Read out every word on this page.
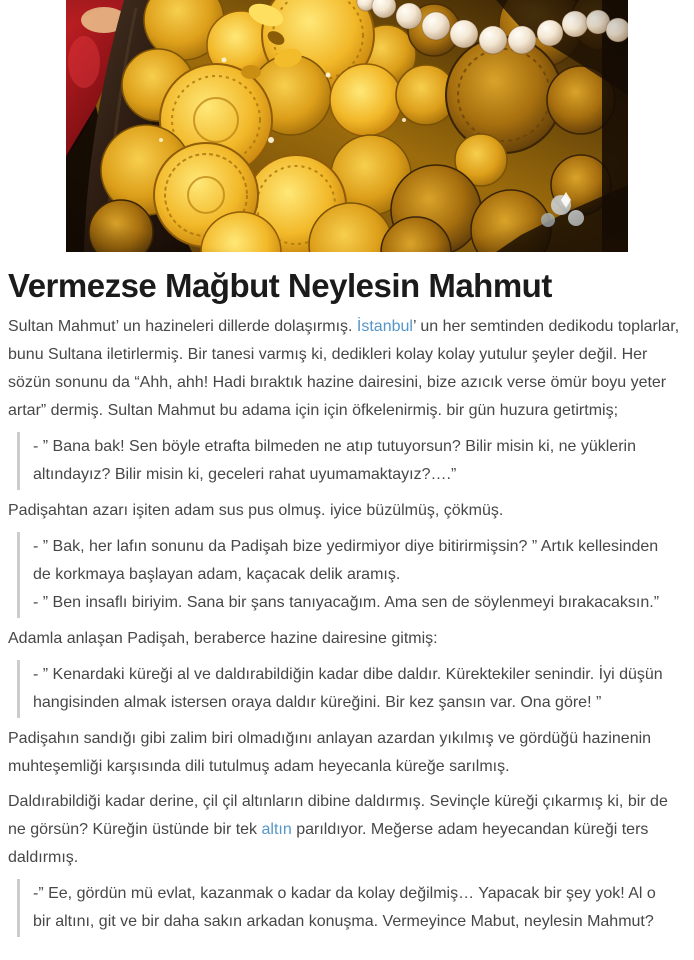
Vermezse Mağbut Neylesin Mahmut

Sultan Mahmut’ un hazineleri dillerde dolaşırmış. İstanbul’ un her semtinden dedikodu toplarlar, bunu Sultana iletirlermiş. Bir tanesi varmış ki, dedikleri kolay kolay yutulur şeyler değil. Her sözün sonunu da “Ahh, ahh! Hadi bıraktık hazine dairesini, bize azıcık verse ömür boyu yeter artar” dermiş. Sultan Mahmut bu adama için için öfkelenirmiş. bir gün huzura getirtmiş;

- ” Bana bak! Sen böyle etrafta bilmeden ne atıp tutuyorsun? Bilir misin ki, ne yüklerin altındayız? Bilir misin ki, geceleri rahat uyumamaktayız?….”

Padişahtan azarı işiten adam sus pus olmuş. iyice büzülmüş, çökmüş.

- ” Bak, her lafın sonunu da Padişah bize yedirmiyor diye bitirirmişsin? ” Artık kellesinden de korkmaya başlayan adam, kaçacak delik aramış.

- ” Ben insaflı biriyim. Sana bir şans tanıyacağım. Ama sen de söylenmeyi bırakacaksın.”

Adamla anlaşan Padişah, beraberce hazine dairesine gitmiş:

- ” Kenardaki küreği al ve daldırabildiğin kadar dibe daldır. Kürektekiler senindir. İyi düşün hangisinden almak istersen oraya daldır küreğini. Bir kez şansın var. Ona göre! ”

Padişahın sandığı gibi zalim biri olmadığını anlayan azardan yıkılmış ve gördüğü hazinenin muhteşemliği karşısında dili tutulmuş adam heyecanla küreğe sarılmış.

Daldırabildiği kadar derine, çil çil altınların dibine daldırmış. Sevinçle küreği çıkarmış ki, bir de ne görsün? Küreğin üstünde bir tek altın parıldıyor. Meğerse adam heyecandan küreği ters daldırmış.

-” Ee, gördün mü evlat, kazanmak o kadar da kolay değilmiş… Yapacak bir şey yok! Al o bir altını, git ve bir daha sakın arkadan konuşma. Vermeyince Mabut, neylesin Mahmut?
